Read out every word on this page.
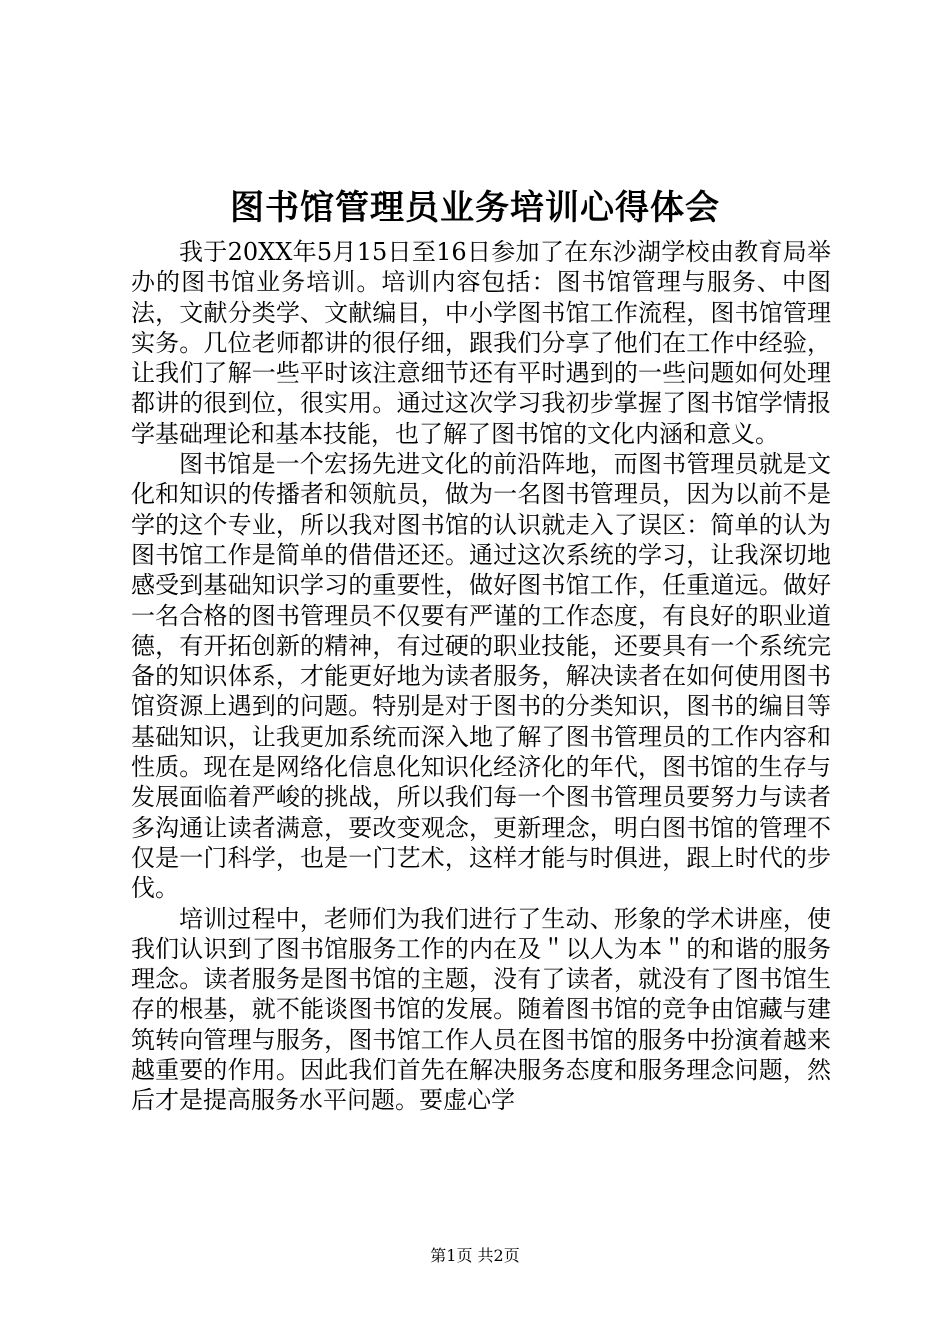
图书馆管理员业务培训心得体会

我于20XX年5月15日至16日参加了在东沙湖学校由教育局举办的图书馆业务培训。培训内容包括：图书馆管理与服务、中图法，文献分类学、文献编目，中小学图书馆工作流程，图书馆管理实务。几位老师都讲的很仔细，跟我们分享了他们在工作中经验，让我们了解一些平时该注意细节还有平时遇到的一些问题如何处理都讲的很到位，很实用。通过这次学习我初步掌握了图书馆学情报学基础理论和基本技能，也了解了图书馆的文化内涵和意义。

图书馆是一个宏扬先进文化的前沿阵地，而图书管理员就是文化和知识的传播者和领航员，做为一名图书管理员，因为以前不是学的这个专业，所以我对图书馆的认识就走入了误区：简单的认为图书馆工作是简单的借借还还。通过这次系统的学习，让我深切地感受到基础知识学习的重要性，做好图书馆工作，任重道远。做好一名合格的图书管理员不仅要有严谨的工作态度，有良好的职业道德，有开拓创新的精神，有过硬的职业技能，还要具有一个系统完备的知识体系，才能更好地为读者服务，解决读者在如何使用图书馆资源上遇到的问题。特别是对于图书的分类知识，图书的编目等基础知识，让我更加系统而深入地了解了图书管理员的工作内容和性质。现在是网络化信息化知识化经济化的年代，图书馆的生存与发展面临着严峻的挑战，所以我们每一个图书管理员要努力与读者多沟通让读者满意，要改变观念，更新理念，明白图书馆的管理不仅是一门科学，也是一门艺术，这样才能与时俱进，跟上时代的步伐。

培训过程中，老师们为我们进行了生动、形象的学术讲座，使我们认识到了图书馆服务工作的内在及＂以人为本＂的和谐的服务理念。读者服务是图书馆的主题，没有了读者，就没有了图书馆生存的根基，就不能谈图书馆的发展。随着图书馆的竞争由馆藏与建筑转向管理与服务，图书馆工作人员在图书馆的服务中扮演着越来越重要的作用。因此我们首先在解决服务态度和服务理念问题，然后才是提高服务水平问题。要虚心学

第1页 共2页
